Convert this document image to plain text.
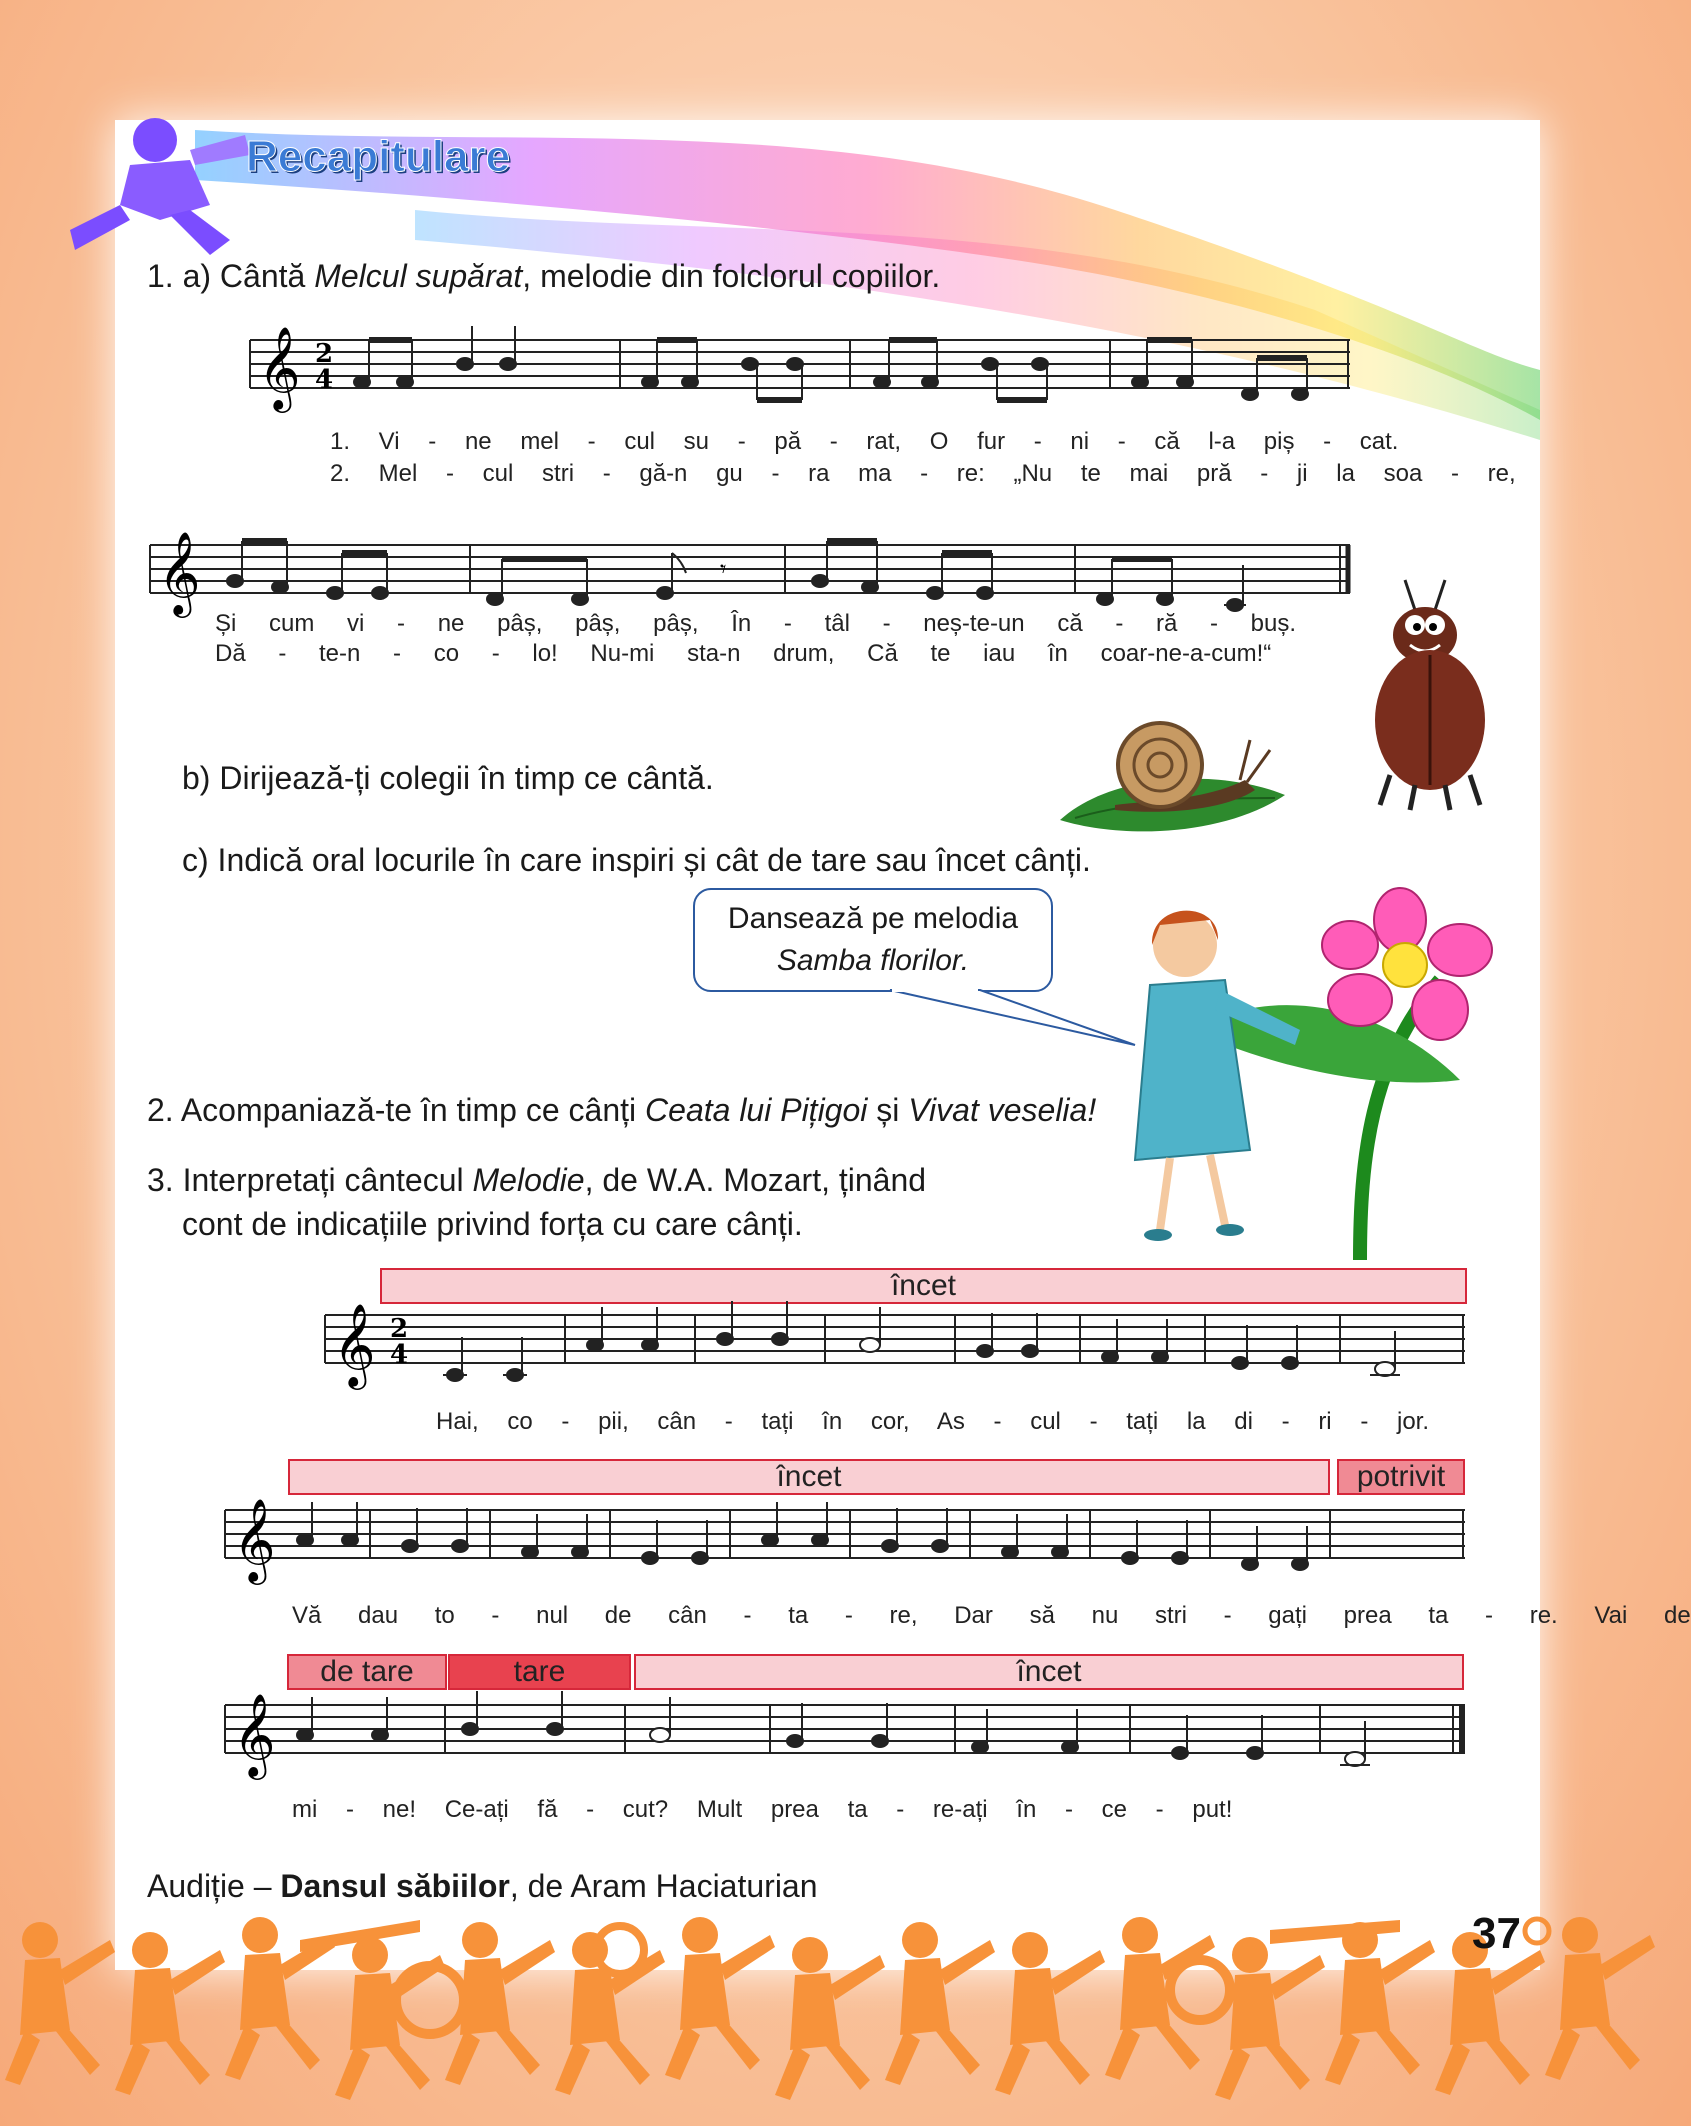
Recapitulare
1. a) Cântă Melcul supărat, melodie din folclorul copiilor.
𝄞 2
4
1. Vi - ne mel - cul su - pă - rat, O fur - ni - că l-a piș - cat.
2. Mel - cul stri - gă-n gu - ra ma - re: „Nu te mai pră - ji la soa - re,
𝄞	𝄾
Și cum vi - ne pâș, pâș, pâș, În - tâl - neș-te-un că - ră - buș.
Dă - te-n - co - lo! Nu-mi sta-n drum, Că te iau în coar-ne-a-cum!“
b) Dirijează-ți colegii în timp ce cântă.
c) Indică oral locurile în care inspiri și cât de tare sau încet cânți.
Dansează pe melodia
Samba florilor.
2. Acompaniază-te în timp ce cânți Ceata lui Pițigoi și Vivat veselia!
3. Interpretați cântecul Melodie, de W.A. Mozart, ținând
cont de indicațiile privind forța cu care cânți.
încet
𝄞 2
4
Hai, co - pii, cân - tați în cor, As - cul - tați la di - ri - jor.
încet	potrivit
𝄞
Vă dau to - nul de cân - ta - re, Dar să nu stri - gați prea ta - re. Vai de
de tare	tare	încet
𝄞
mi - ne! Ce-ați fă - cut? Mult prea ta - re-ați în - ce - put!
Audiție – Dansul săbiilor, de Aram Haciaturian
37
